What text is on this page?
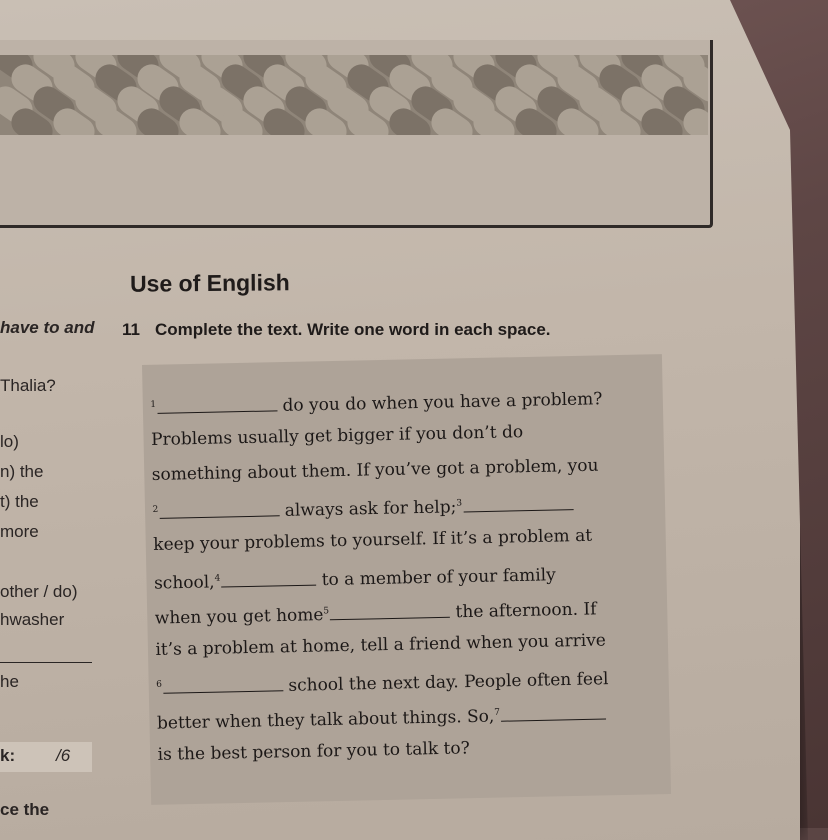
Use of English
11 Complete the text. Write one word in each space.
have to and
Thalia?
lo)
n) the
t) the
more
other / do)
hwasher
he
k: /6
ce the
$^1$	do you do when you have a problem?
Problems usually get bigger if you don’t do
something about them. If you’ve got a problem, you
$^2$	always ask for help;$^3$
keep your problems to yourself. If it’s a problem at
school,$^4$	to a member of your family
when you get home$^5$	the afternoon. If
it’s a problem at home, tell a friend when you arrive
$^6$	school the next day. People often feel
better when they talk about things. So,$^7$
is the best person for you to talk to?
